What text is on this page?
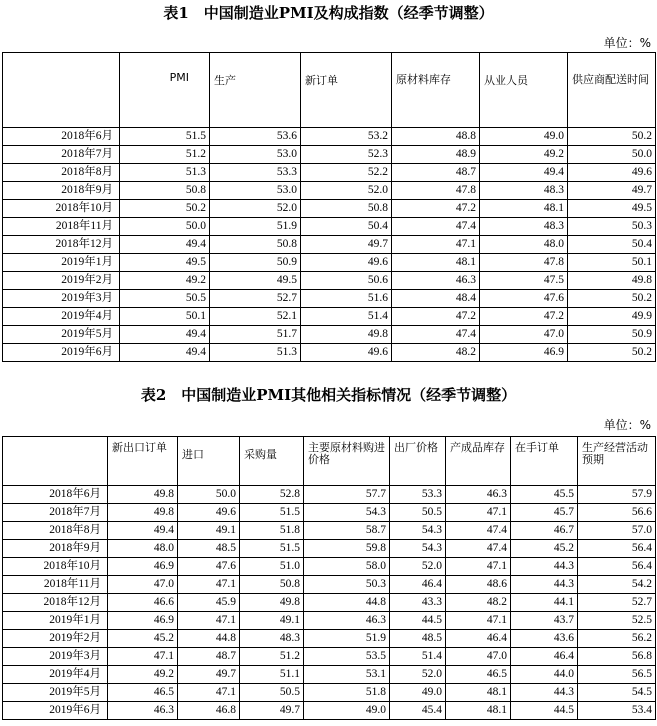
表1　中国制造业PMI及构成指数（经季节调整）
单位：%
	PMI	生产	新订单	原材料库存	从业人员	供应商配送时间
2018年6月	51.5	53.6	53.2	48.8	49.0	50.2
2018年7月	51.2	53.0	52.3	48.9	49.2	50.0
2018年8月	51.3	53.3	52.2	48.7	49.4	49.6
2018年9月	50.8	53.0	52.0	47.8	48.3	49.7
2018年10月	50.2	52.0	50.8	47.2	48.1	49.5
2018年11月	50.0	51.9	50.4	47.4	48.3	50.3
2018年12月	49.4	50.8	49.7	47.1	48.0	50.4
2019年1月	49.5	50.9	49.6	48.1	47.8	50.1
2019年2月	49.2	49.5	50.6	46.3	47.5	49.8
2019年3月	50.5	52.7	51.6	48.4	47.6	50.2
2019年4月	50.1	52.1	51.4	47.2	47.2	49.9
2019年5月	49.4	51.7	49.8	47.4	47.0	50.9
2019年6月	49.4	51.3	49.6	48.2	46.9	50.2
表2　中国制造业PMI其他相关指标情况（经季节调整）
单位：%
	新出口订单	进口	采购量	主要原材料购进价格	出厂价格	产成品库存	在手订单	生产经营活动预期
2018年6月	49.8	50.0	52.8	57.7	53.3	46.3	45.5	57.9
2018年7月	49.8	49.6	51.5	54.3	50.5	47.1	45.7	56.6
2018年8月	49.4	49.1	51.8	58.7	54.3	47.4	46.7	57.0
2018年9月	48.0	48.5	51.5	59.8	54.3	47.4	45.2	56.4
2018年10月	46.9	47.6	51.0	58.0	52.0	47.1	44.3	56.4
2018年11月	47.0	47.1	50.8	50.3	46.4	48.6	44.3	54.2
2018年12月	46.6	45.9	49.8	44.8	43.3	48.2	44.1	52.7
2019年1月	46.9	47.1	49.1	46.3	44.5	47.1	43.7	52.5
2019年2月	45.2	44.8	48.3	51.9	48.5	46.4	43.6	56.2
2019年3月	47.1	48.7	51.2	53.5	51.4	47.0	46.4	56.8
2019年4月	49.2	49.7	51.1	53.1	52.0	46.5	44.0	56.5
2019年5月	46.5	47.1	50.5	51.8	49.0	48.1	44.3	54.5
2019年6月	46.3	46.8	49.7	49.0	45.4	48.1	44.5	53.4
